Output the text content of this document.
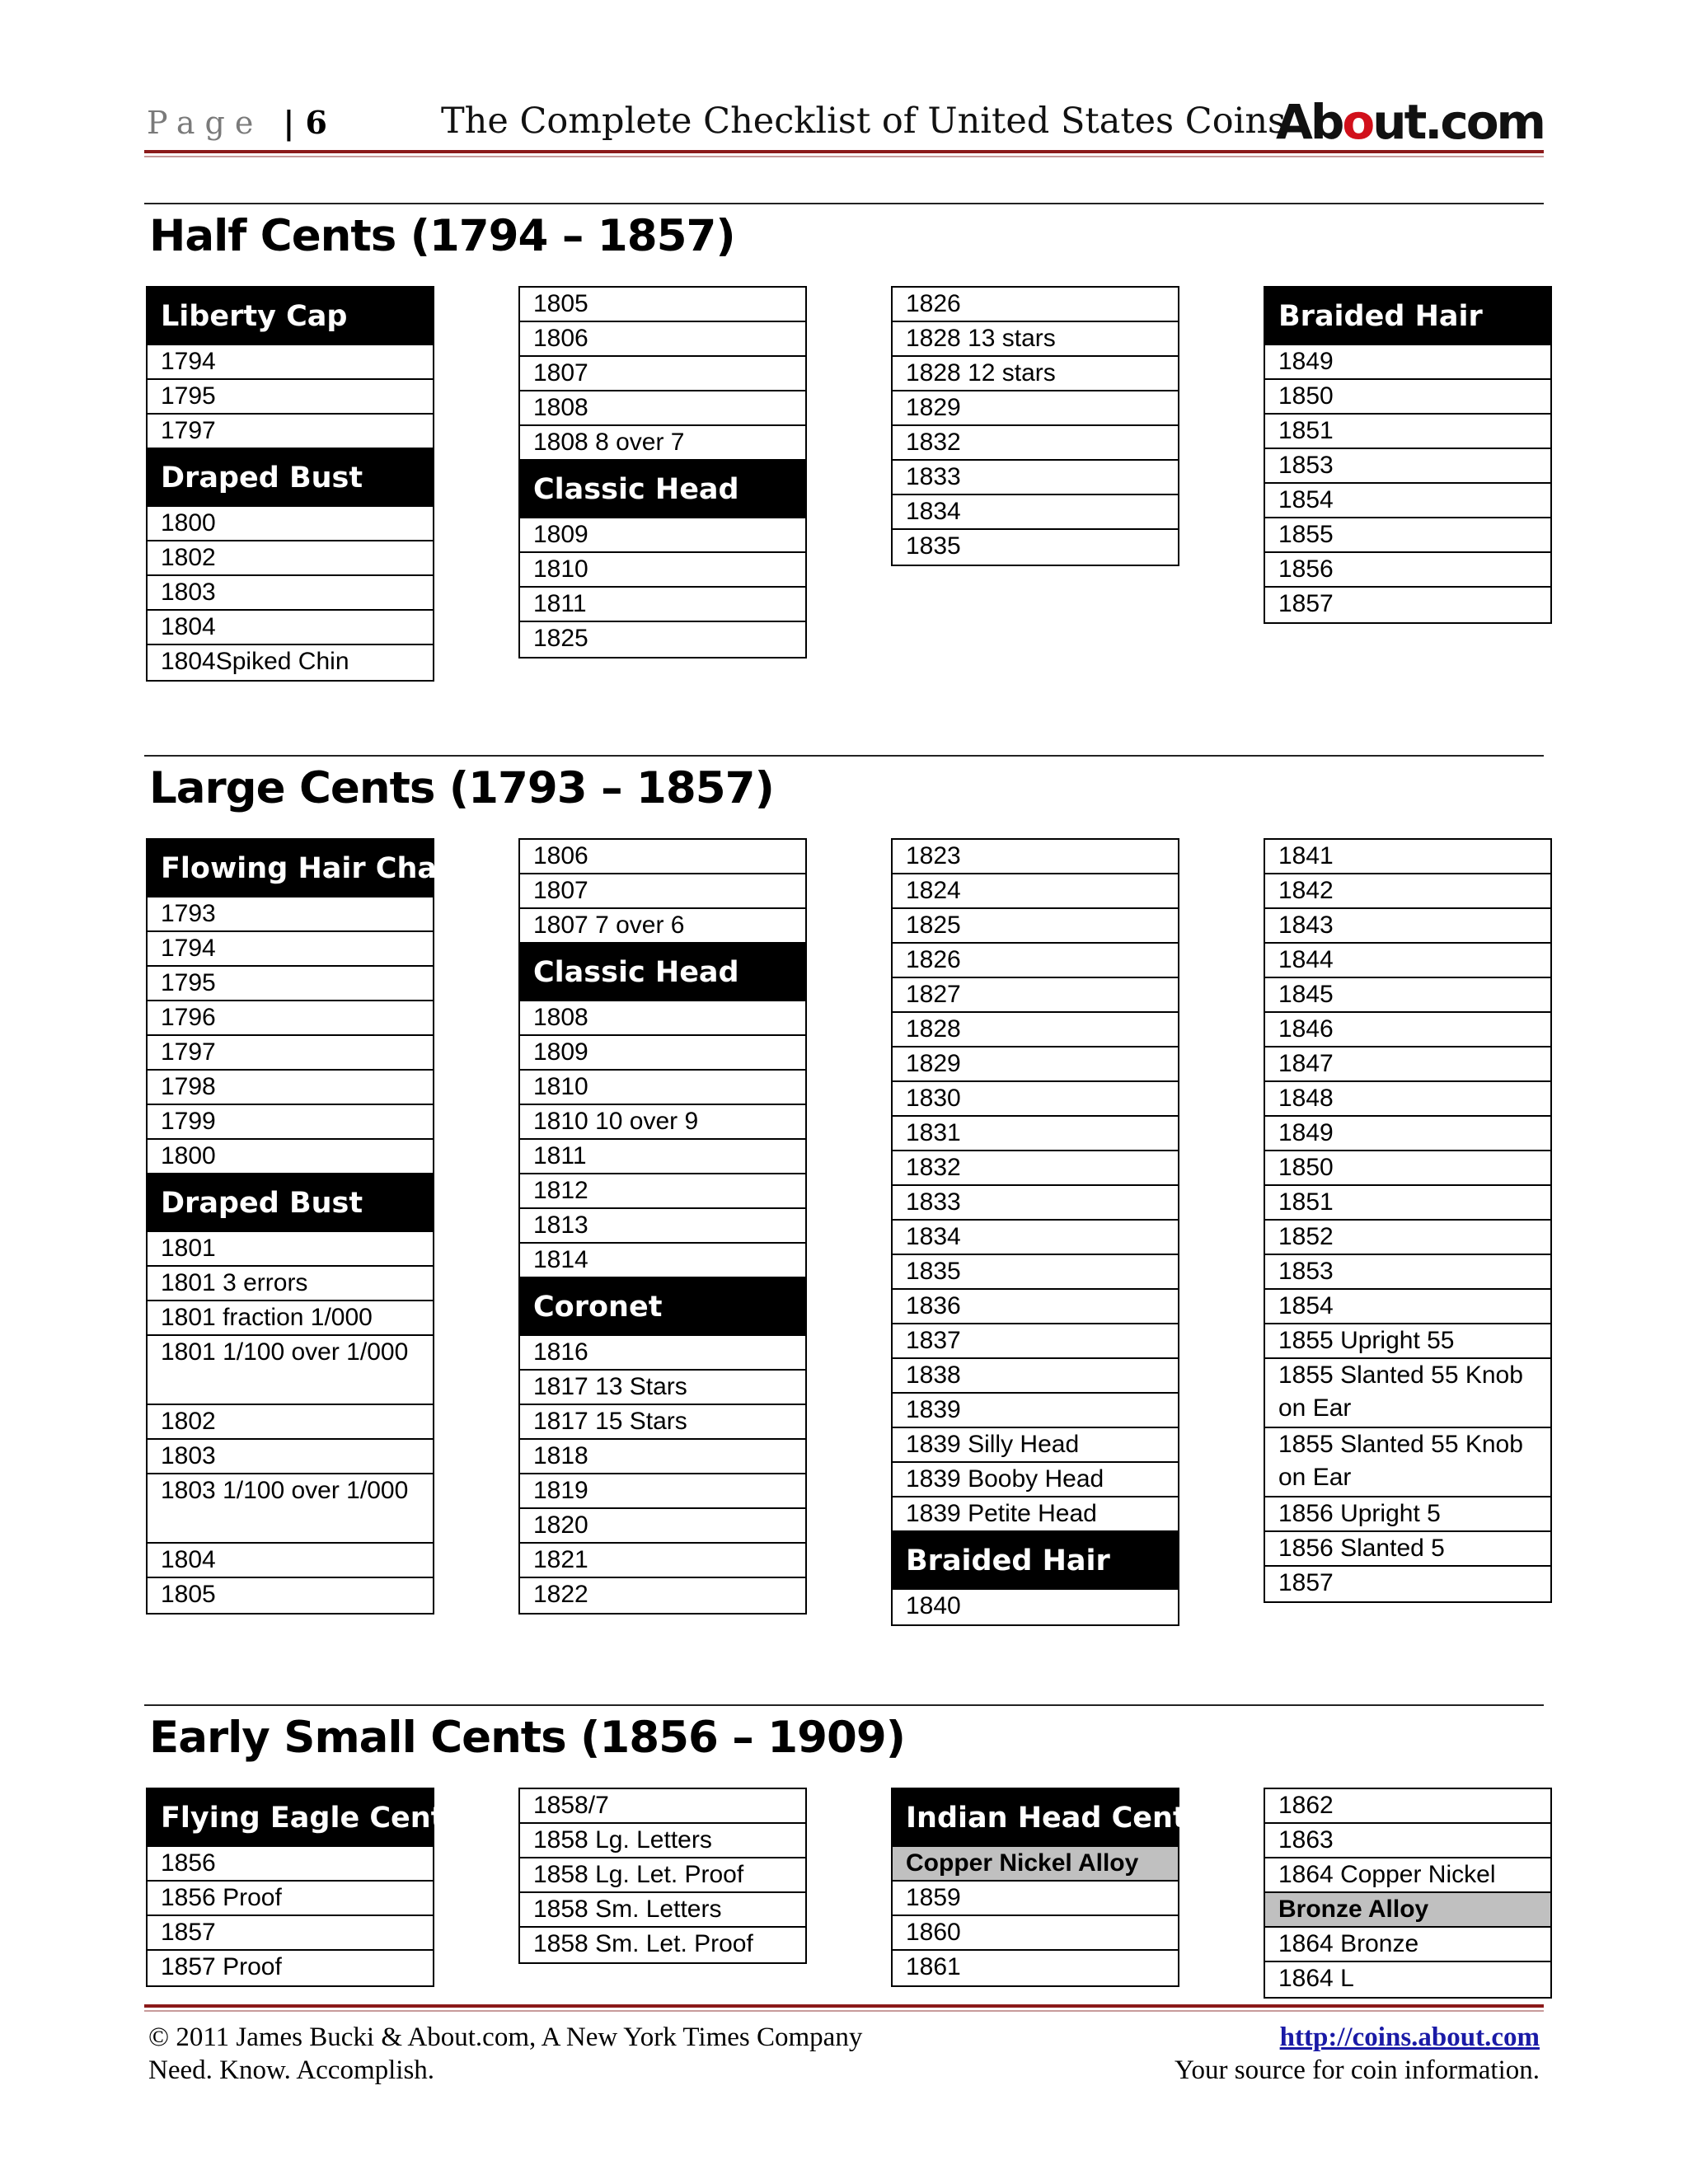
Page | 6	The Complete Checklist of United States Coins
About.com
Half Cents (1794 – 1857)
Liberty Cap
1794
1795
1797
Draped Bust
1800
1802
1803
1804
1804Spiked Chin
1805
1806
1807
1808
1808 8 over 7
Classic Head
1809
1810
1811
1825
1826
1828 13 stars
1828 12 stars
1829
1832
1833
1834
1835
Braided Hair
1849
1850
1851
1853
1854
1855
1856
1857
Large Cents (1793 – 1857)
Flowing Hair Chain
1793
1794
1795
1796
1797
1798
1799
1800
Draped Bust
1801
1801 3 errors
1801 fraction 1/000
1801 1/100 over 1/000
1802
1803
1803 1/100 over 1/000
1804
1805
1806
1807
1807 7 over 6
Classic Head
1808
1809
1810
1810 10 over 9
1811
1812
1813
1814
Coronet
1816
1817 13 Stars
1817 15 Stars
1818
1819
1820
1821
1822
1823
1824
1825
1826
1827
1828
1829
1830
1831
1832
1833
1834
1835
1836
1837
1838
1839
1839 Silly Head
1839 Booby Head
1839 Petite Head
Braided Hair
1840
1841
1842
1843
1844
1845
1846
1847
1848
1849
1850
1851
1852
1853
1854
1855 Upright 55
1855 Slanted 55 Knob on Ear
1855 Slanted 55 Knob on Ear
1856 Upright 5
1856 Slanted 5
1857
Early Small Cents (1856 – 1909)
Flying Eagle Cents
1856
1856 Proof
1857
1857 Proof
1858/7
1858 Lg. Letters
1858 Lg. Let. Proof
1858 Sm. Letters
1858 Sm. Let. Proof
Indian Head Cents
Copper Nickel Alloy
1859
1860
1861
1862
1863
1864 Copper Nickel
Bronze Alloy
1864 Bronze
1864 L
© 2011 James Bucki & About.com, A New York Times Company
Need. Know. Accomplish.
http://coins.about.com
Your source for coin information.
